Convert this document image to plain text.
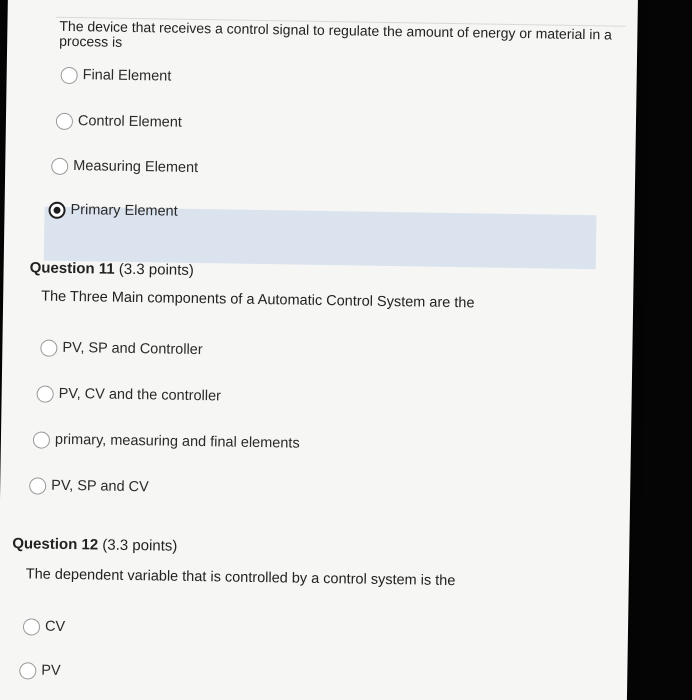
The device that receives a control signal to regulate the amount of energy or material in a process is
Final Element
Control Element
Measuring Element
Primary Element
Question 11 (3.3 points)
The Three Main components of a Automatic Control System are the
PV, SP and Controller
PV, CV and the controller
primary, measuring and final elements
PV, SP and CV
Question 12 (3.3 points)
The dependent variable that is controlled by a control system is the
CV
PV
